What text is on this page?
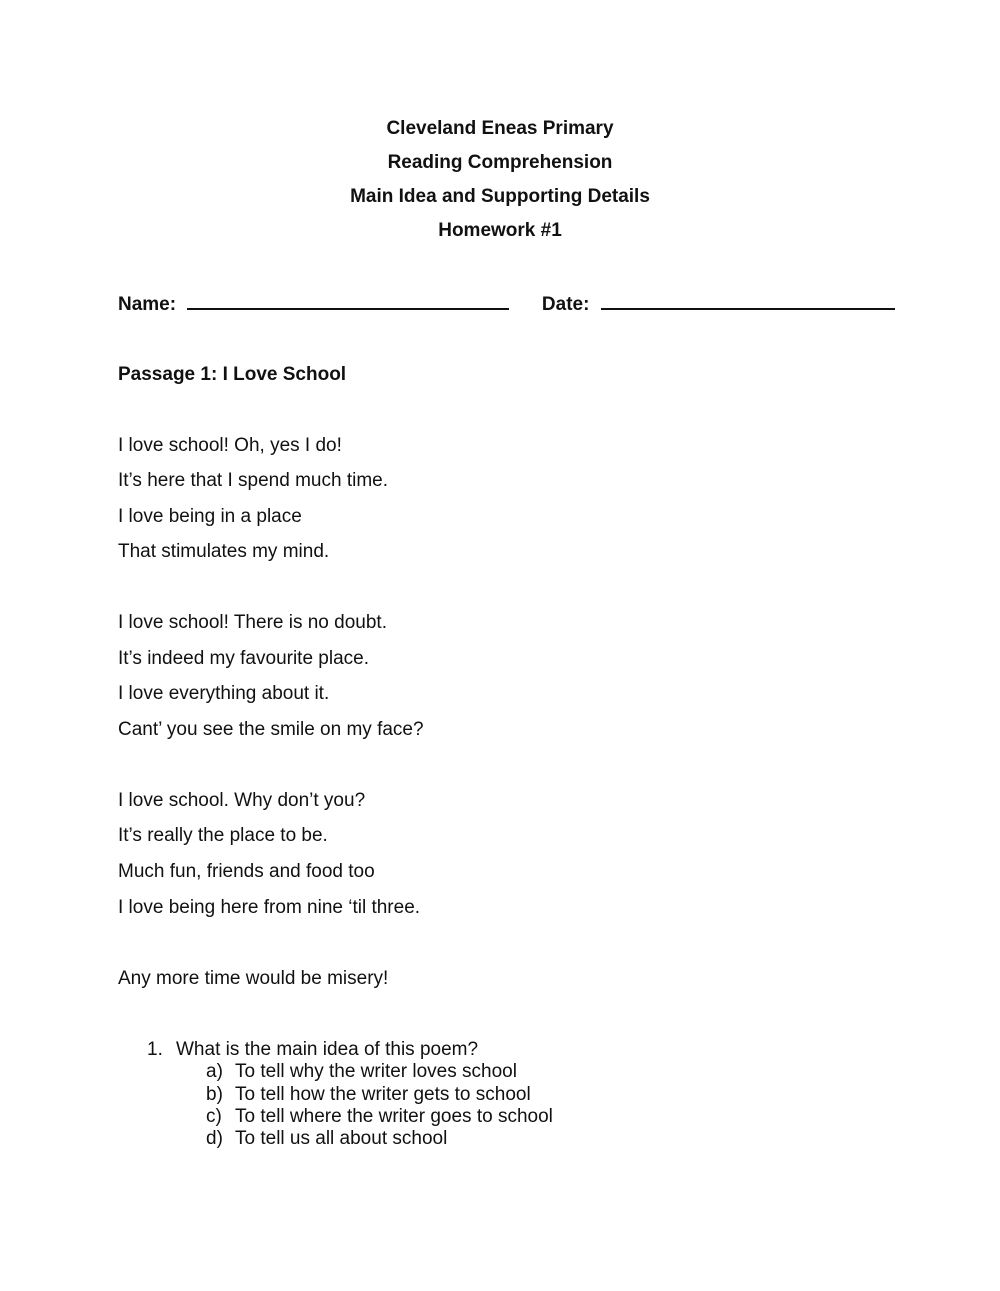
Cleveland Eneas Primary
Reading Comprehension
Main Idea and Supporting Details
Homework #1
Name:	Date:
Passage 1: I Love School
I love school! Oh, yes I do!
It’s here that I spend much time.
I love being in a place
That stimulates my mind.
I love school! There is no doubt.
It’s indeed my favourite place.
I love everything about it.
Cant’ you see the smile on my face?
I love school. Why don’t you?
It’s really the place to be.
Much fun, friends and food too
I love being here from nine ‘til three.
Any more time would be misery!
1. What is the main idea of this poem?
a) To tell why the writer loves school
b) To tell how the writer gets to school
c) To tell where the writer goes to school
d) To tell us all about school
